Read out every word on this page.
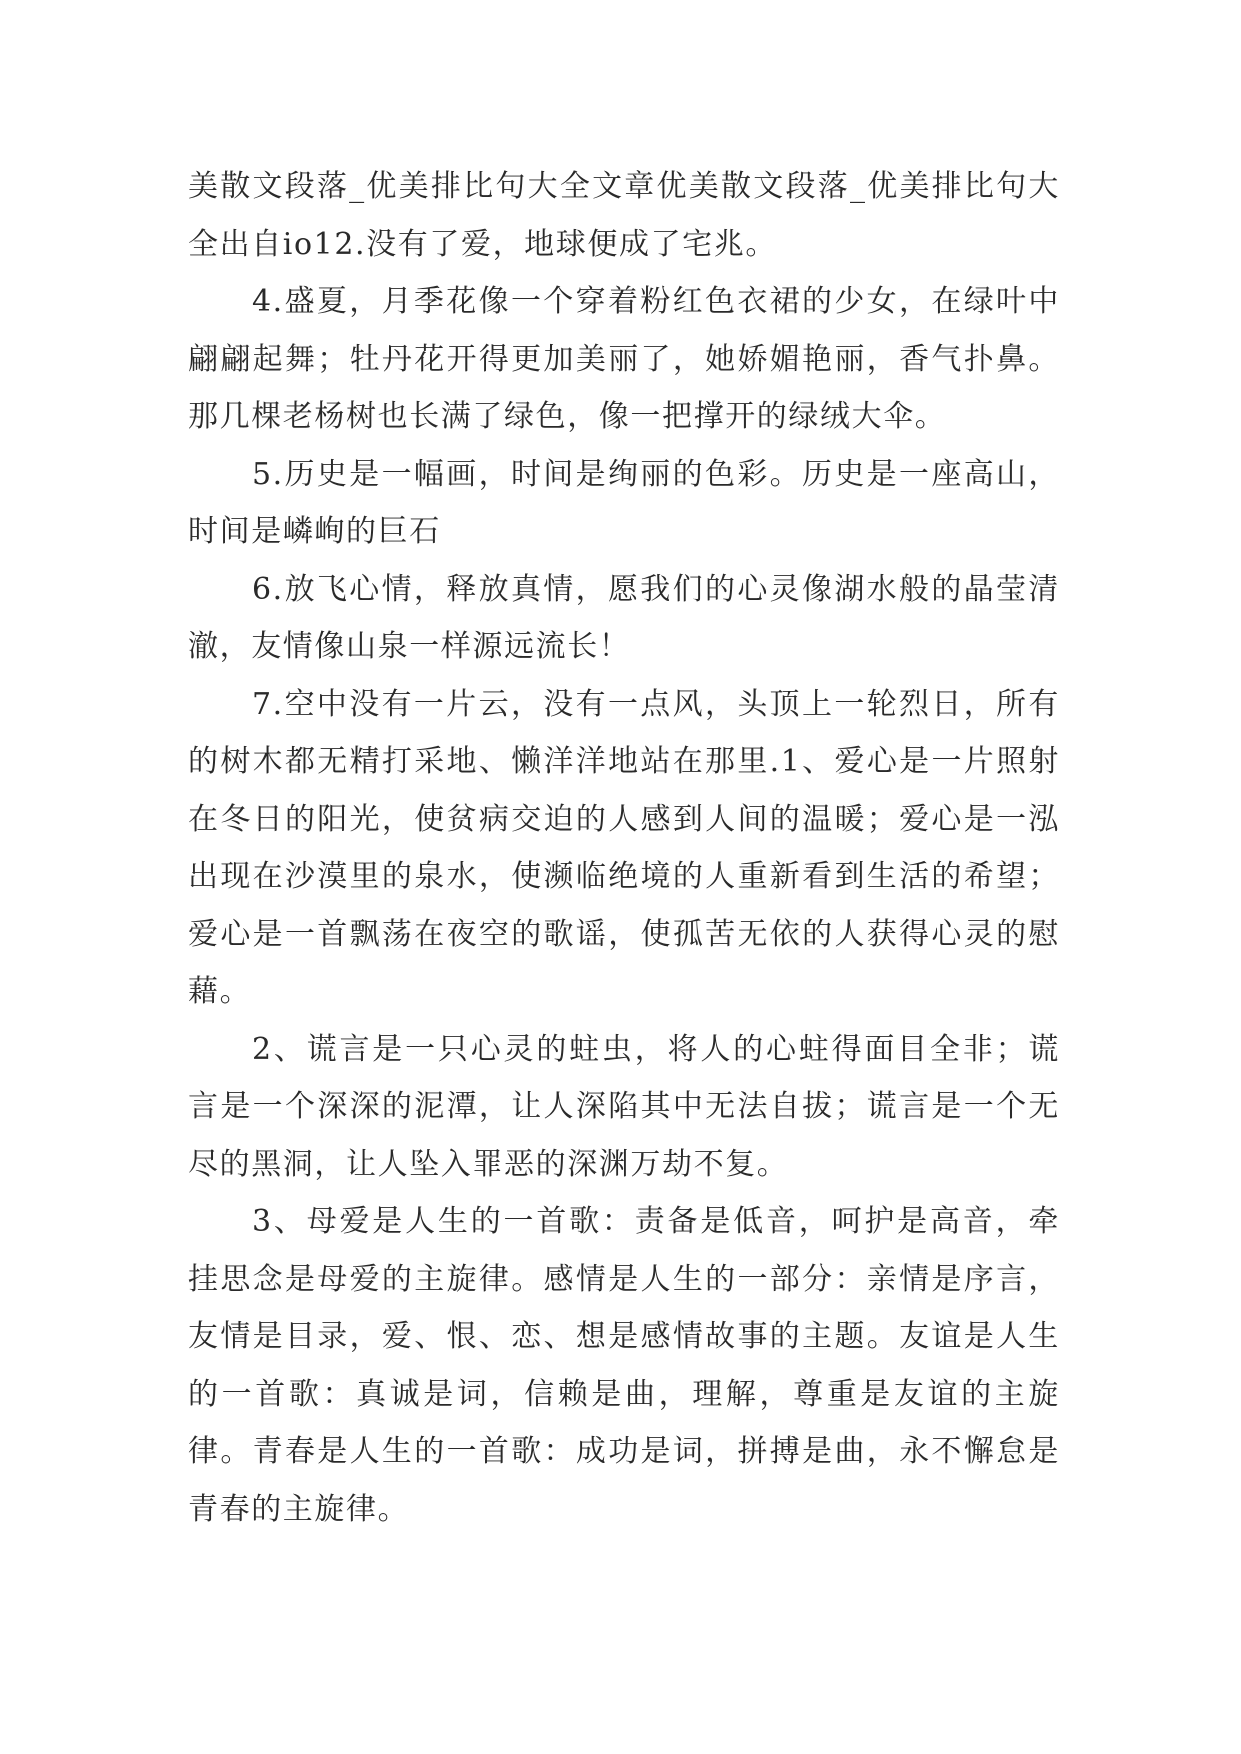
美散文段落_优美排比句大全文章优美散文段落_优美排比句大全出自io12.没有了爱，地球便成了宅兆。

4.盛夏，月季花像一个穿着粉红色衣裙的少女，在绿叶中翩翩起舞；牡丹花开得更加美丽了，她娇媚艳丽，香气扑鼻。那几棵老杨树也长满了绿色，像一把撑开的绿绒大伞。

5.历史是一幅画，时间是绚丽的色彩。历史是一座高山，时间是嶙峋的巨石

6.放飞心情，释放真情，愿我们的心灵像湖水般的晶莹清澈，友情像山泉一样源远流长！

7.空中没有一片云，没有一点风，头顶上一轮烈日，所有的树木都无精打采地、懒洋洋地站在那里.1、爱心是一片照射在冬日的阳光，使贫病交迫的人感到人间的温暖；爱心是一泓出现在沙漠里的泉水，使濒临绝境的人重新看到生活的希望；爱心是一首飘荡在夜空的歌谣，使孤苦无依的人获得心灵的慰藉。

2、谎言是一只心灵的蛀虫，将人的心蛀得面目全非；谎言是一个深深的泥潭，让人深陷其中无法自拔；谎言是一个无尽的黑洞，让人坠入罪恶的深渊万劫不复。

3、母爱是人生的一首歌：责备是低音，呵护是高音，牵挂思念是母爱的主旋律。感情是人生的一部分：亲情是序言，友情是目录，爱、恨、恋、想是感情故事的主题。友谊是人生的一首歌：真诚是词，信赖是曲，理解，尊重是友谊的主旋律。青春是人生的一首歌：成功是词，拼搏是曲，永不懈怠是青春的主旋律。
